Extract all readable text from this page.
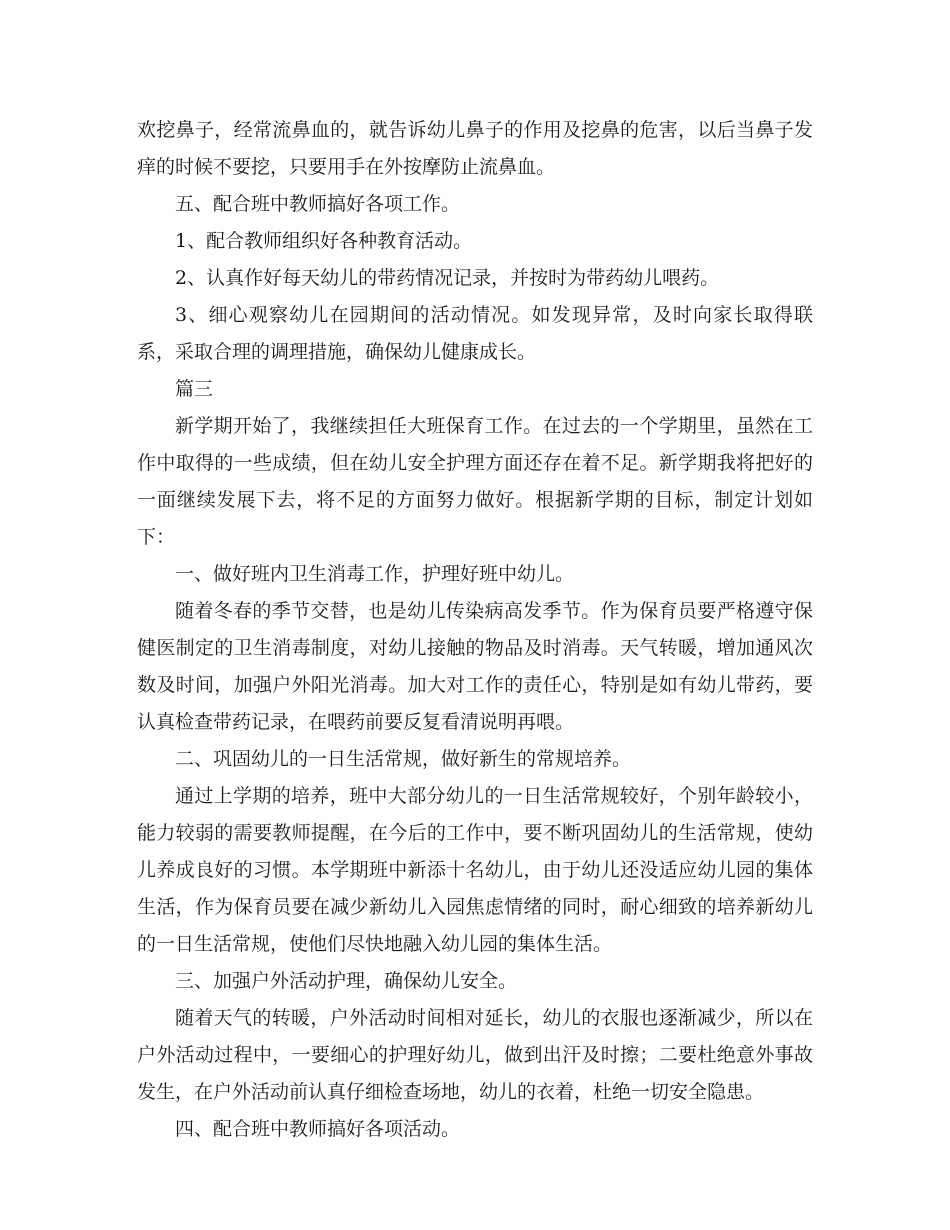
欢挖鼻子，经常流鼻血的，就告诉幼儿鼻子的作用及挖鼻的危害，以后当鼻子发痒的时候不要挖，只要用手在外按摩防止流鼻血。

五、配合班中教师搞好各项工作。

1、配合教师组织好各种教育活动。

2、认真作好每天幼儿的带药情况记录，并按时为带药幼儿喂药。

3、细心观察幼儿在园期间的活动情况。如发现异常，及时向家长取得联系，采取合理的调理措施，确保幼儿健康成长。

篇三

新学期开始了，我继续担任大班保育工作。在过去的一个学期里，虽然在工作中取得的一些成绩，但在幼儿安全护理方面还存在着不足。新学期我将把好的一面继续发展下去，将不足的方面努力做好。根据新学期的目标，制定计划如下：

一、做好班内卫生消毒工作，护理好班中幼儿。

随着冬春的季节交替，也是幼儿传染病高发季节。作为保育员要严格遵守保健医制定的卫生消毒制度，对幼儿接触的物品及时消毒。天气转暖，增加通风次数及时间，加强户外阳光消毒。加大对工作的责任心，特别是如有幼儿带药，要认真检查带药记录，在喂药前要反复看清说明再喂。

二、巩固幼儿的一日生活常规，做好新生的常规培养。

通过上学期的培养，班中大部分幼儿的一日生活常规较好，个别年龄较小，能力较弱的需要教师提醒，在今后的工作中，要不断巩固幼儿的生活常规，使幼儿养成良好的习惯。本学期班中新添十名幼儿，由于幼儿还没适应幼儿园的集体生活，作为保育员要在减少新幼儿入园焦虑情绪的同时，耐心细致的培养新幼儿的一日生活常规，使他们尽快地融入幼儿园的集体生活。

三、加强户外活动护理，确保幼儿安全。

随着天气的转暖，户外活动时间相对延长，幼儿的衣服也逐渐减少，所以在户外活动过程中，一要细心的护理好幼儿，做到出汗及时擦；二要杜绝意外事故发生，在户外活动前认真仔细检查场地，幼儿的衣着，杜绝一切安全隐患。

四、配合班中教师搞好各项活动。
